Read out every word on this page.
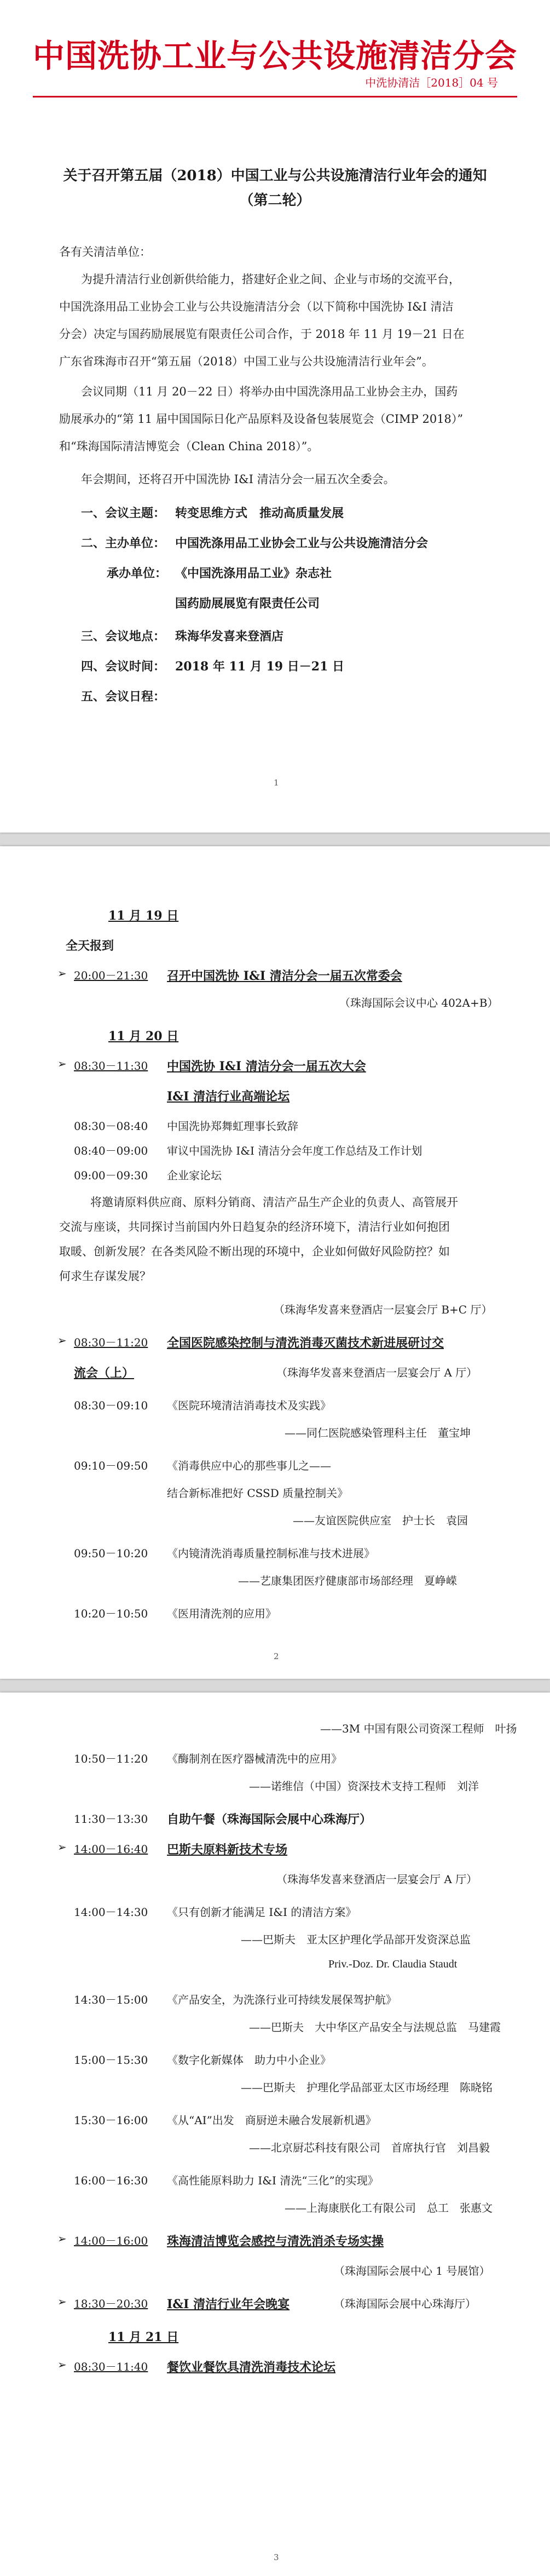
中国洗协工业与公共设施清洁分会
中洗协清洁［2018］04 号
关于召开第五届（2018）中国工业与公共设施清洁行业年会的通知
（第二轮）
各有关清洁单位：
为提升清洁行业创新供给能力，搭建好企业之间、企业与市场的交流平台，
中国洗涤用品工业协会工业与公共设施清洁分会（以下简称中国洗协 I&I 清洁
分会）决定与国药励展展览有限责任公司合作，于 2018 年 11 月 19－21 日在
广东省珠海市召开“第五届（2018）中国工业与公共设施清洁行业年会”。
会议同期（11 月 20－22 日）将举办由中国洗涤用品工业协会主办，国药
励展承办的“第 11 届中国国际日化产品原料及设备包装展览会（CIMP 2018）”
和“珠海国际清洁博览会（Clean China 2018）”。
年会期间，还将召开中国洗协 I&I 清洁分会一届五次全委会。
一、会议主题： 转变思维方式　推动高质量发展
二、主办单位： 中国洗涤用品工业协会工业与公共设施清洁分会
承办单位： 《中国洗涤用品工业》杂志社
国药励展展览有限责任公司
三、会议地点： 珠海华发喜来登酒店
四、会议时间： 2018 年 11 月 19 日－21 日
五、会议日程：
1
11 月 19 日
全天报到
➢ 20:00－21:30 召开中国洗协 I&I 清洁分会一届五次常委会
（珠海国际会议中心 402A+B）
11 月 20 日
➢ 08:30－11:30 中国洗协 I&I 清洁分会一届五次大会
I&I 清洁行业高端论坛
08:30－08:40 中国洗协郑舞虹理事长致辞
08:40－09:00 审议中国洗协 I&I 清洁分会年度工作总结及工作计划
09:00－09:30 企业家论坛
将邀请原料供应商、原料分销商、清洁产品生产企业的负责人、高管展开
交流与座谈，共同探讨当前国内外日趋复杂的经济环境下，清洁行业如何抱团
取暖、创新发展？在各类风险不断出现的环境中，企业如何做好风险防控？如
何求生存谋发展？
（珠海华发喜来登酒店一层宴会厅 B+C 厅）
➢ 08:30－11:20 全国医院感染控制与清洗消毒灭菌技术新进展研讨交
流会（上）	（珠海华发喜来登酒店一层宴会厅 A 厅）
08:30－09:10 《医院环境清洁消毒技术及实践》
——同仁医院感染管理科主任　董宝坤
09:10－09:50 《消毒供应中心的那些事儿之——
结合新标准把好 CSSD 质量控制关》
——友谊医院供应室　护士长　袁园
09:50－10:20 《内镜清洗消毒质量控制标准与技术进展》
——艺康集团医疗健康部市场部经理　夏峥嵘
10:20－10:50 《医用清洗剂的应用》
2
——3M 中国有限公司资深工程师　叶扬
10:50－11:20 《酶制剂在医疗器械清洗中的应用》
——诺维信（中国）资深技术支持工程师　刘洋
11:30－13:30 自助午餐（珠海国际会展中心珠海厅）
➢ 14:00－16:40 巴斯夫原料新技术专场
（珠海华发喜来登酒店一层宴会厅 A 厅）
14:00－14:30 《只有创新才能满足 I&I 的清洁方案》
——巴斯夫　亚太区护理化学品部开发资深总监
Priv.-Doz. Dr. Claudia Staudt
14:30－15:00 《产品安全，为洗涤行业可持续发展保驾护航》
——巴斯夫　大中华区产品安全与法规总监　马建霞
15:00－15:30 《数字化新媒体　助力中小企业》
——巴斯夫　护理化学品部亚太区市场经理　陈晓铭
15:30－16:00 《从“AI”出发　商厨逆未融合发展新机遇》
——北京厨芯科技有限公司　首席执行官　刘昌毅
16:00－16:30 《高性能原料助力 I&I 清洗“三化”的实现》
——上海康朕化工有限公司　总工　张惠文
➢ 14:00－16:00 珠海清洁博览会感控与清洗消杀专场实操
（珠海国际会展中心 1 号展馆）
➢ 18:30－20:30 I&I 清洁行业年会晚宴	（珠海国际会展中心珠海厅）
11 月 21 日
➢ 08:30－11:40 餐饮业餐饮具清洗消毒技术论坛
3
